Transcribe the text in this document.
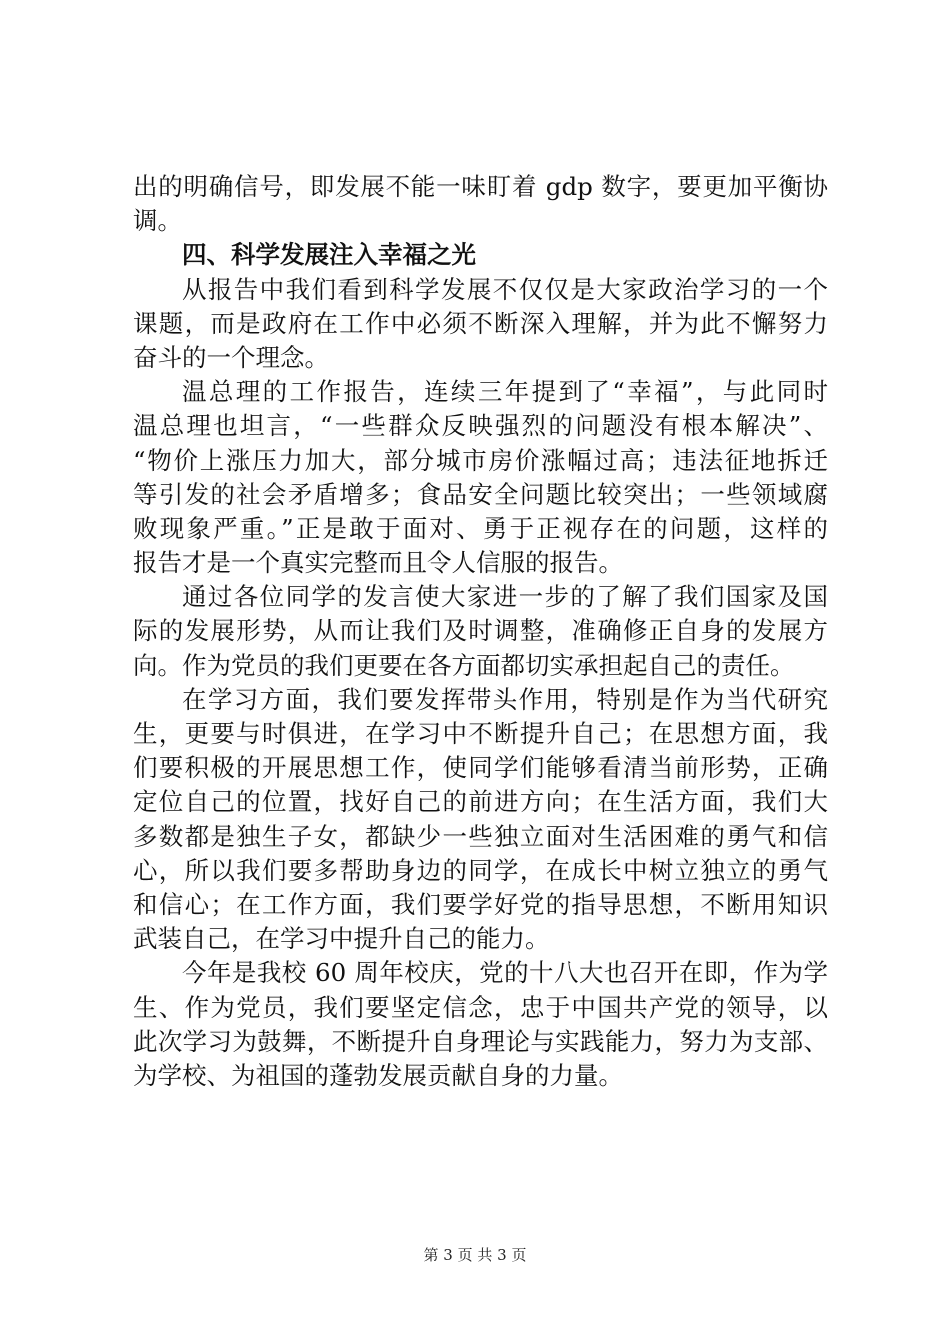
出的明确信号，即发展不能一味盯着 gdp 数字，要更加平衡协
调。
四、科学发展注入幸福之光
从报告中我们看到科学发展不仅仅是大家政治学习的一个
课题，而是政府在工作中必须不断深入理解，并为此不懈努力
奋斗的一个理念。
温总理的工作报告，连续三年提到了“幸福”，与此同时
温总理也坦言，“一些群众反映强烈的问题没有根本解决”、
“物价上涨压力加大，部分城市房价涨幅过高；违法征地拆迁
等引发的社会矛盾增多；食品安全问题比较突出；一些领域腐
败现象严重。”正是敢于面对、勇于正视存在的问题，这样的
报告才是一个真实完整而且令人信服的报告。
通过各位同学的发言使大家进一步的了解了我们国家及国
际的发展形势，从而让我们及时调整，准确修正自身的发展方
向。作为党员的我们更要在各方面都切实承担起自己的责任。
在学习方面，我们要发挥带头作用，特别是作为当代研究
生，更要与时俱进，在学习中不断提升自己；在思想方面，我
们要积极的开展思想工作，使同学们能够看清当前形势，正确
定位自己的位置，找好自己的前进方向；在生活方面，我们大
多数都是独生子女，都缺少一些独立面对生活困难的勇气和信
心，所以我们要多帮助身边的同学，在成长中树立独立的勇气
和信心；在工作方面，我们要学好党的指导思想，不断用知识
武装自己，在学习中提升自己的能力。
今年是我校 60 周年校庆，党的十八大也召开在即，作为学
生、作为党员，我们要坚定信念，忠于中国共产党的领导，以
此次学习为鼓舞，不断提升自身理论与实践能力，努力为支部、
为学校、为祖国的蓬勃发展贡献自身的力量。
第 3 页 共 3 页
